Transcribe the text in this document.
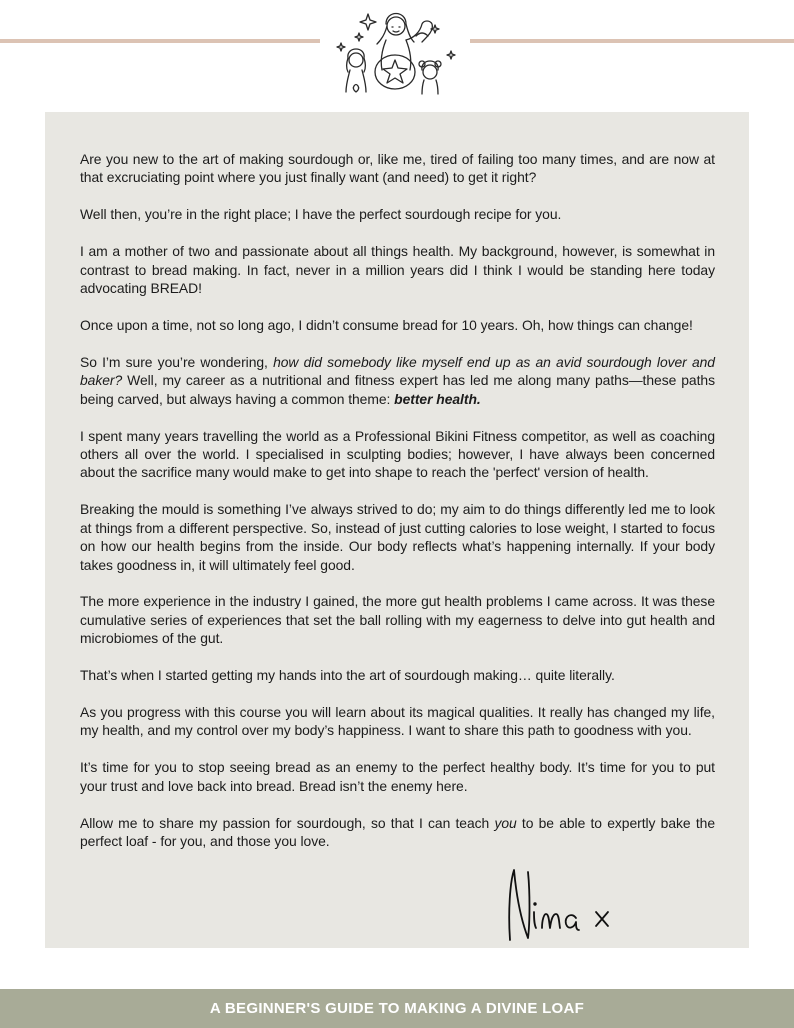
Are you new to the art of making sourdough or, like me, tired of failing too many times, and are now at that excruciating point where you just finally want (and need) to get it right?

Well then, you’re in the right place; I have the perfect sourdough recipe for you.

I am a mother of two and passionate about all things health. My background, however, is somewhat in contrast to bread making. In fact, never in a million years did I think I would be standing here today advocating BREAD!

Once upon a time, not so long ago, I didn’t consume bread for 10 years. Oh, how things can change!

So I’m sure you’re wondering, how did somebody like myself end up as an avid sourdough lover and baker? Well, my career as a nutritional and fitness expert has led me along many paths—these paths being carved, but always having a common theme: better health.

I spent many years travelling the world as a Professional Bikini Fitness competitor, as well as coaching others all over the world. I specialised in sculpting bodies; however, I have always been concerned about the sacrifice many would make to get into shape to reach the 'perfect' version of health.

Breaking the mould is something I’ve always strived to do; my aim to do things differently led me to look at things from a different perspective. So, instead of just cutting calories to lose weight, I started to focus on how our health begins from the inside. Our body reflects what’s happening internally. If your body takes goodness in, it will ultimately feel good.

The more experience in the industry I gained, the more gut health problems I came across. It was these cumulative series of experiences that set the ball rolling with my eagerness to delve into gut health and microbiomes of the gut.

That’s when I started getting my hands into the art of sourdough making… quite literally.

As you progress with this course you will learn about its magical qualities. It really has changed my life, my health, and my control over my body’s happiness. I want to share this path to goodness with you.

It’s time for you to stop seeing bread as an enemy to the perfect healthy body. It’s time for you to put your trust and love back into bread. Bread isn’t the enemy here.

Allow me to share my passion for sourdough, so that I can teach you to be able to expertly bake the perfect loaf - for you, and those you love.

A BEGINNER'S GUIDE TO MAKING A DIVINE LOAF
